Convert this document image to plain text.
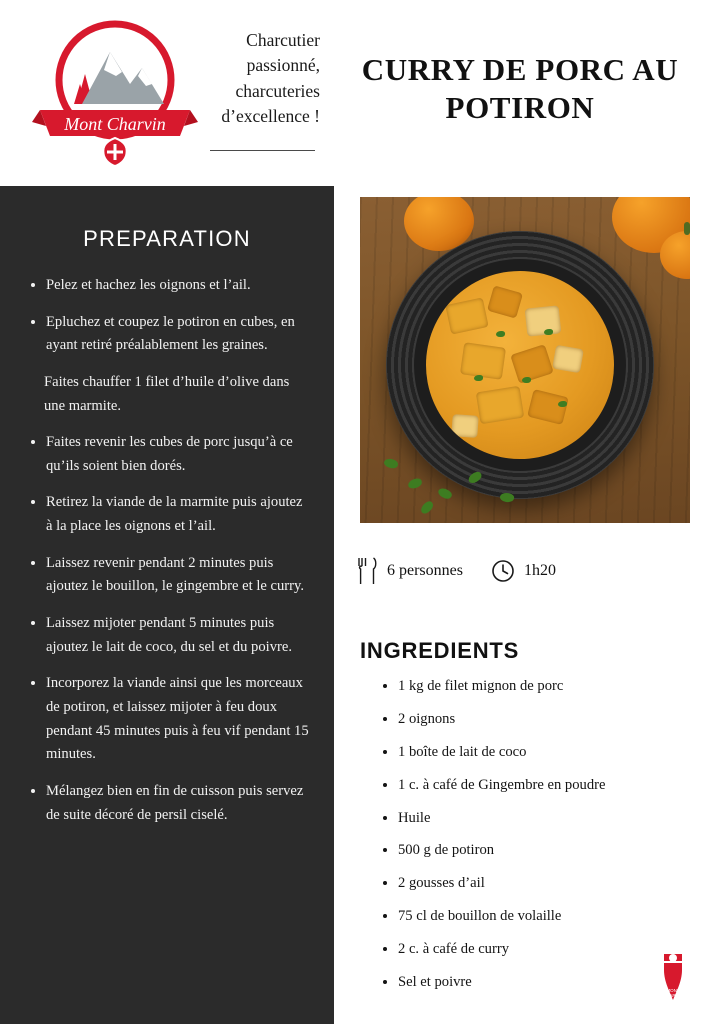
Mont Charvin
Charcutier passionné, charcuteries d’excellence !
CURRY DE PORC AU POTIRON
PREPARATION
• Pelez et hachez les oignons et l’ail.
• Epluchez et coupez le potiron en cubes, en ayant retiré préalablement les graines.
Faites chauffer 1 filet d’huile d’olive dans une marmite.
• Faites revenir les cubes de porc jusqu’à ce qu’ils soient bien dorés.
• Retirez la viande de la marmite puis ajoutez à la place les oignons et l’ail.
• Laissez revenir pendant 2 minutes puis ajoutez le bouillon, le gingembre et le curry.
• Laissez mijoter pendant 5 minutes puis ajoutez le lait de coco, du sel et du poivre.
• Incorporez la viande ainsi que les morceaux de potiron, et laissez mijoter à feu doux pendant 45 minutes puis à feu vif pendant 15 minutes.
• Mélangez bien en fin de cuisson puis servez de suite décoré de persil ciselé.
6 personnes	1h20
INGREDIENTS
• 1 kg de filet mignon de porc
• 2 oignons
• 1 boîte de lait de coco
• 1 c. à café de Gingembre en poudre
• Huile
• 500 g de potiron
• 2 gousses d’ail
• 75 cl de bouillon de volaille
• 2 c. à café de curry
• Sel et poivre
MONT
CHARVIN
